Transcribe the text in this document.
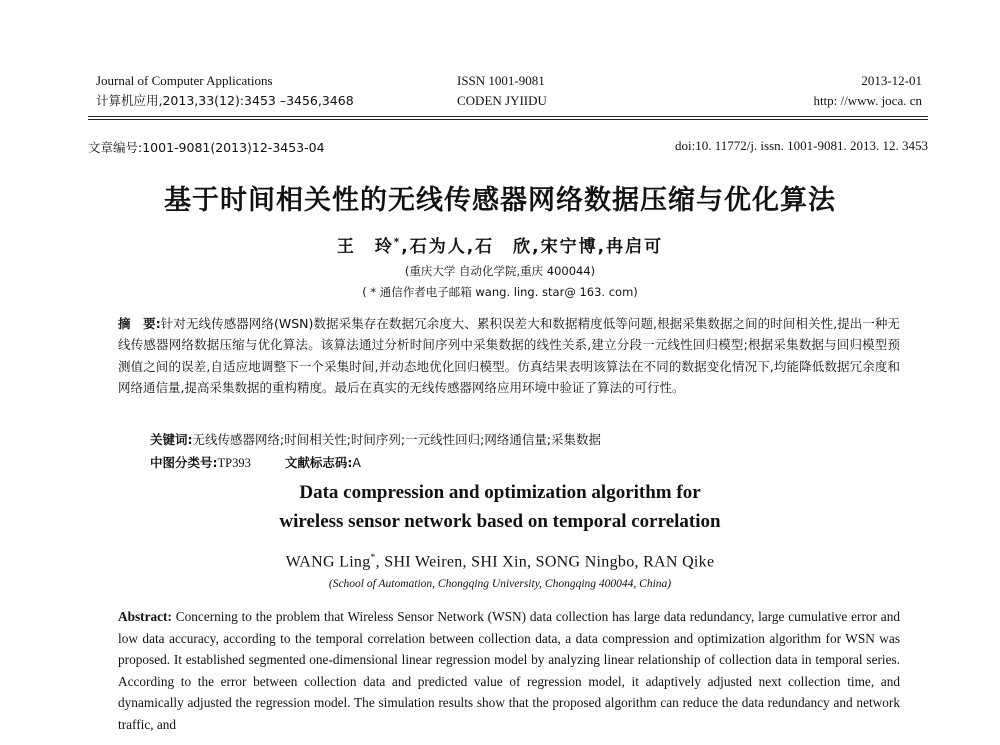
Journal of Computer Applications

计算机应用,2013,33(12):3453 –3456,3468

ISSN 1001-9081

CODEN JYIIDU

2013-12-01

http: //www. joca. cn

文章编号:1001-9081(2013)12-3453-04	doi:10. 11772/j. issn. 1001-9081. 2013. 12. 3453

基于时间相关性的无线传感器网络数据压缩与优化算法

王　玲*,石为人,石　欣,宋宁博,冉启可

(重庆大学 自动化学院,重庆 400044)

( * 通信作者电子邮箱 wang. ling. star@ 163. com)

摘　要:针对无线传感器网络(WSN)数据采集存在数据冗余度大、累积误差大和数据精度低等问题,根据采集数据之间的时间相关性,提出一种无线传感器网络数据压缩与优化算法。该算法通过分析时间序列中采集数据的线性关系,建立分段一元线性回归模型;根据采集数据与回归模型预测值之间的误差,自适应地调整下一个采集时间,并动态地优化回归模型。仿真结果表明该算法在不同的数据变化情况下,均能降低数据冗余度和网络通信量,提高采集数据的重构精度。最后在真实的无线传感器网络应用环境中验证了算法的可行性。

关键词:无线传感器网络;时间相关性;时间序列;一元线性回归;网络通信量;采集数据

中图分类号:TP393	文献标志码:A

Data compression and optimization algorithm for
wireless sensor network based on temporal correlation

WANG Ling*, SHI Weiren, SHI Xin, SONG Ningbo, RAN Qike

(School of Automation, Chongqing University, Chongqing 400044, China)

Abstract: Concerning to the problem that Wireless Sensor Network (WSN) data collection has large data redundancy, large cumulative error and low data accuracy, according to the temporal correlation between collection data, a data compression and optimization algorithm for WSN was proposed. It established segmented one-dimensional linear regression model by analyzing linear relationship of collection data in temporal series. According to the error between collection data and predicted value of regression model, it adaptively adjusted next collection time, and dynamically adjusted the regression model. The simulation results show that the proposed algorithm can reduce the data redundancy and network traffic, and
